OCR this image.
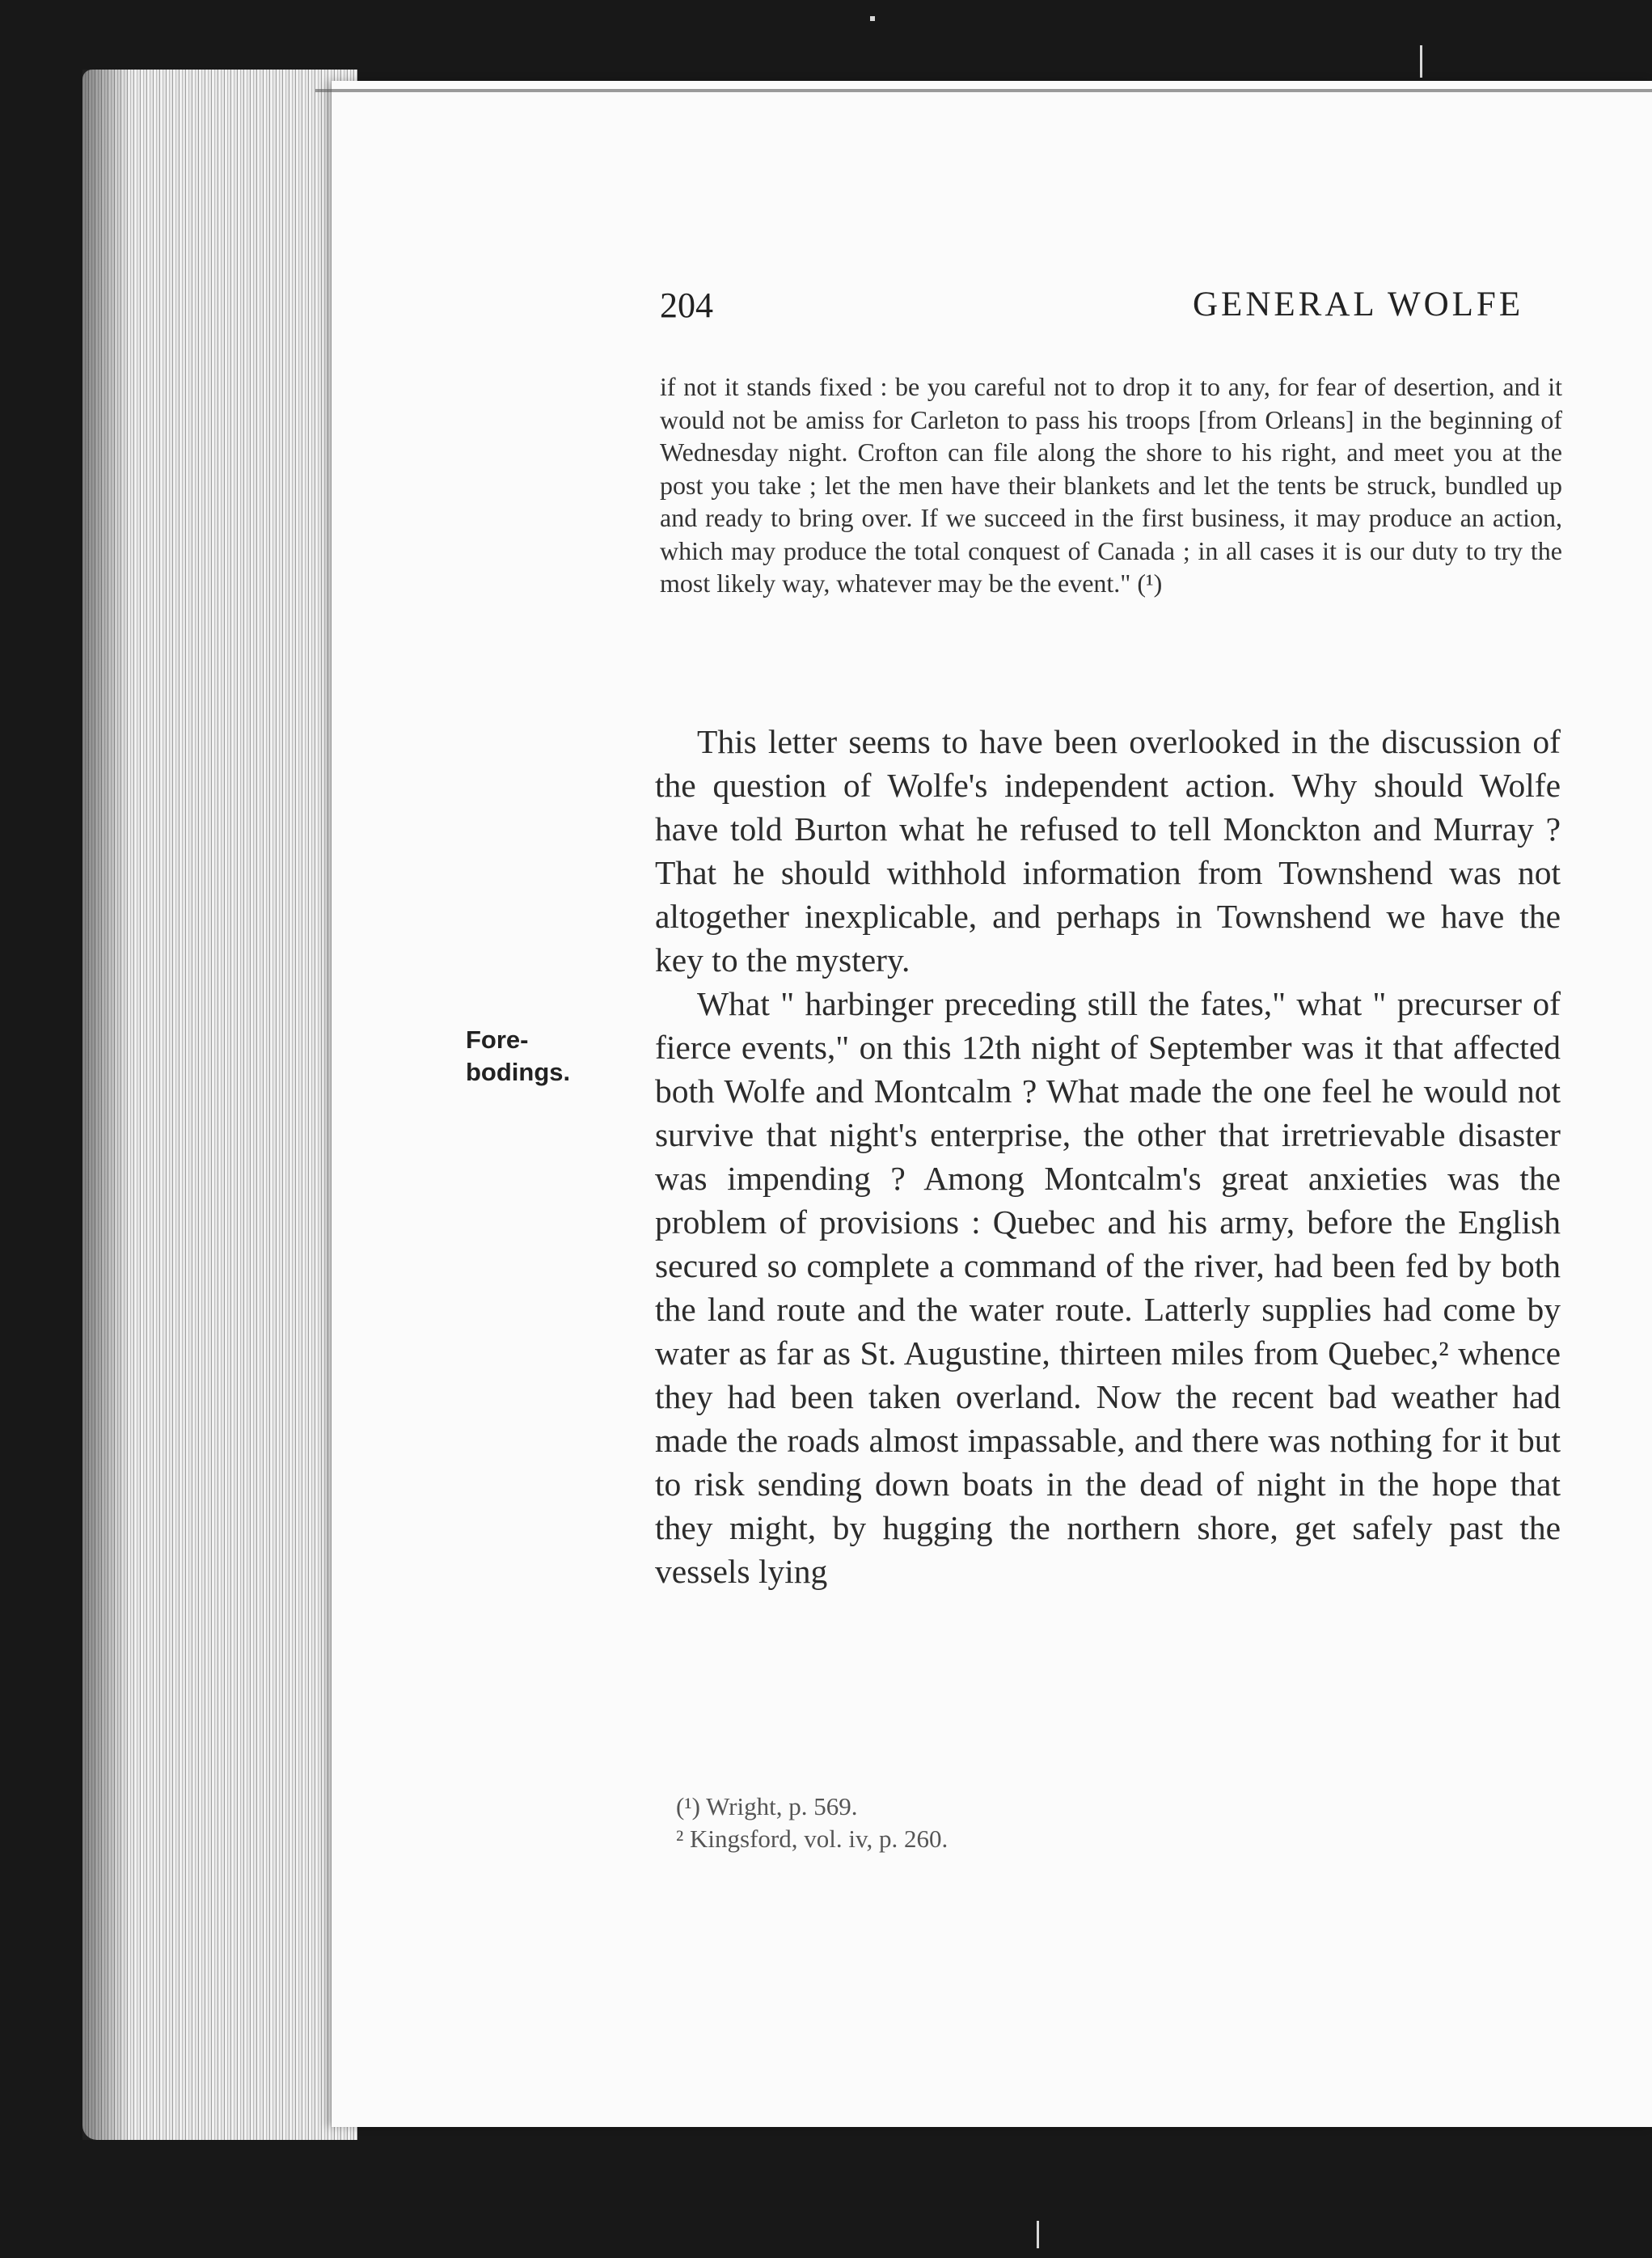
204	GENERAL WOLFE
if not it stands fixed : be you careful not to drop it to any, for fear of desertion, and it would not be amiss for Carleton to pass his troops [from Orleans] in the beginning of Wednesday night. Crofton can file along the shore to his right, and meet you at the post you take ; let the men have their blankets and let the tents be struck, bundled up and ready to bring over. If we succeed in the first business, it may produce an action, which may produce the total conquest of Canada ; in all cases it is our duty to try the most likely way, whatever may be the event." (¹)
Fore-bodings.

This letter seems to have been overlooked in the discussion of the question of Wolfe's independent action. Why should Wolfe have told Burton what he refused to tell Monckton and Murray ? That he should withhold information from Townshend was not altogether inexplicable, and perhaps in Townshend we have the key to the mystery.

What " harbinger preceding still the fates," what " precurser of fierce events," on this 12th night of September was it that affected both Wolfe and Montcalm ? What made the one feel he would not survive that night's enterprise, the other that irretrievable disaster was impending ? Among Montcalm's great anxieties was the problem of provisions : Quebec and his army, before the English secured so complete a command of the river, had been fed by both the land route and the water route. Latterly supplies had come by water as far as St. Augustine, thirteen miles from Quebec,² whence they had been taken overland. Now the recent bad weather had made the roads almost impassable, and there was nothing for it but to risk sending down boats in the dead of night in the hope that they might, by hugging the northern shore, get safely past the vessels lying

(¹) Wright, p. 569.
² Kingsford, vol. iv, p. 260.
